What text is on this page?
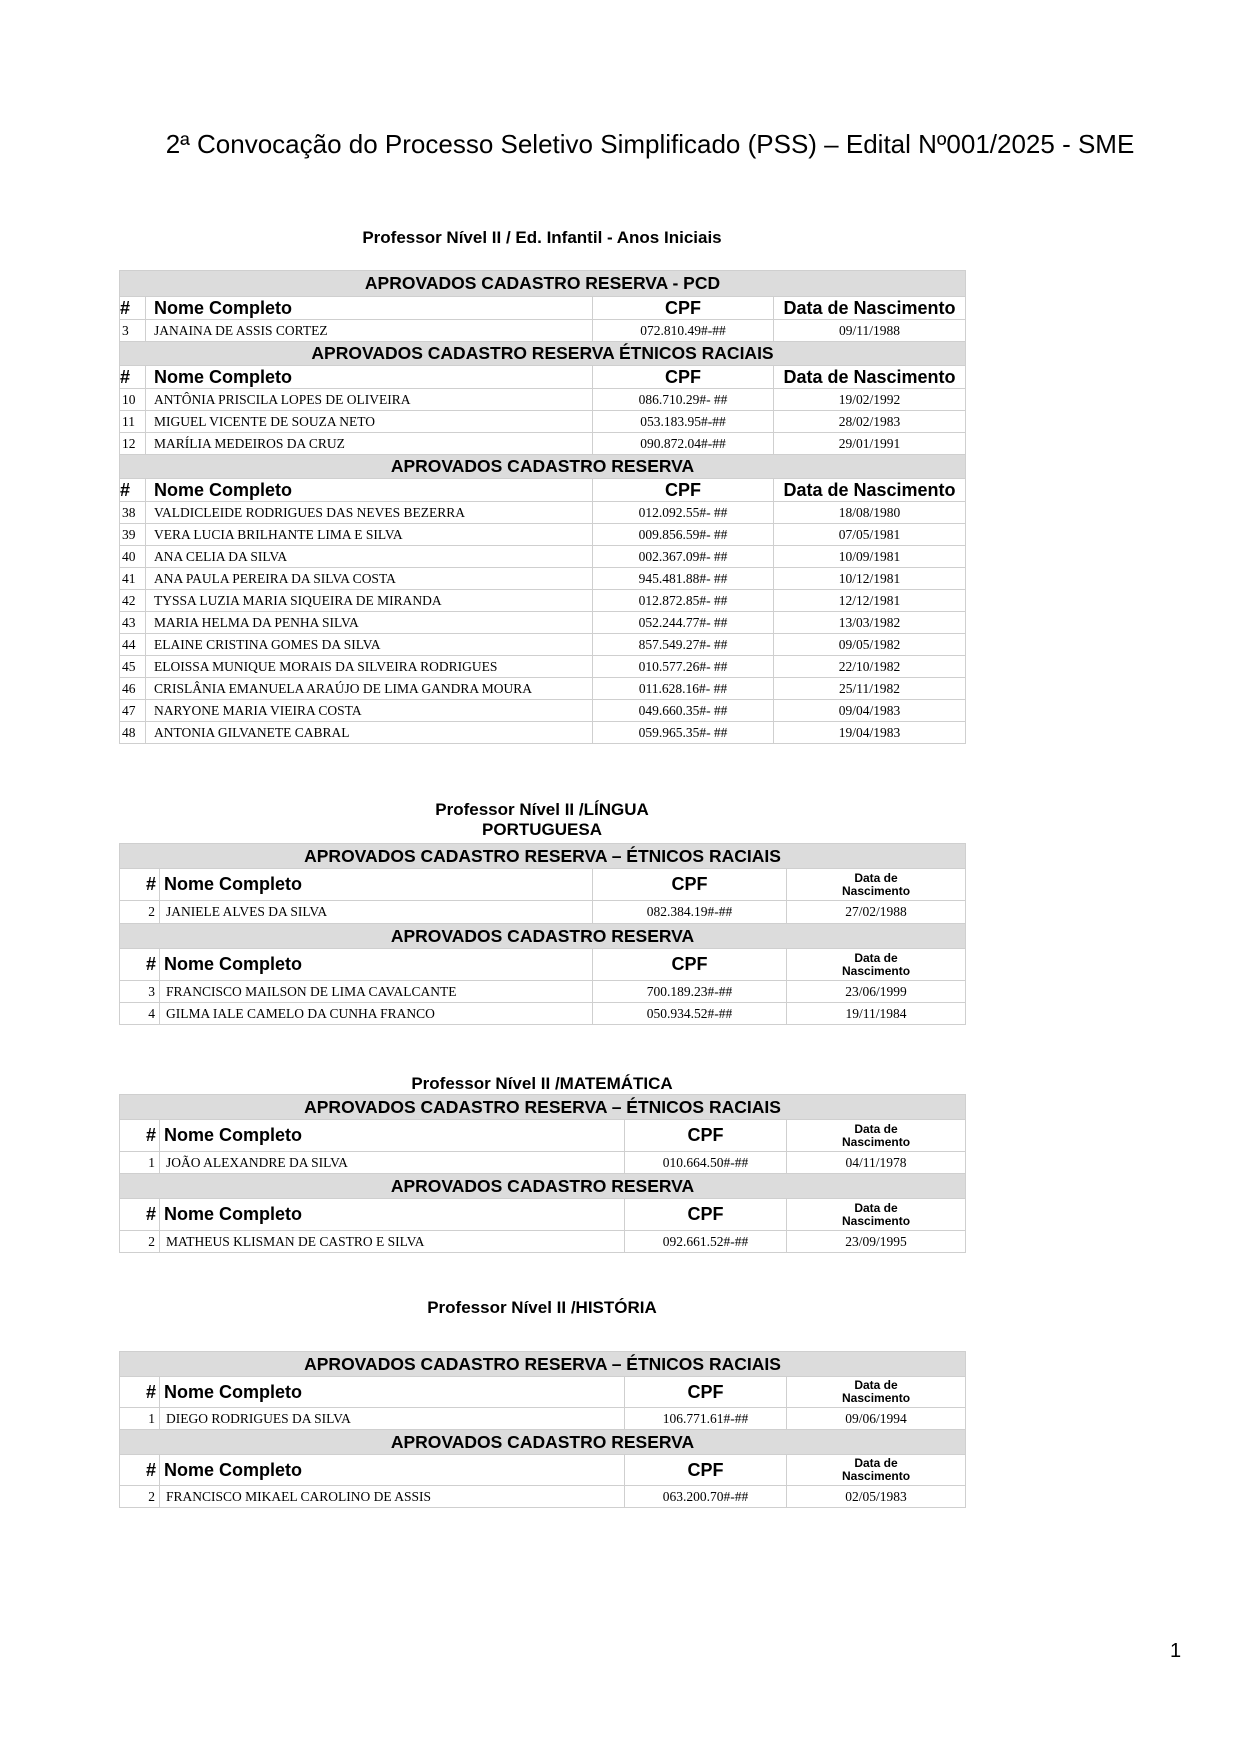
2ª Convocação do Processo Seletivo Simplificado (PSS) – Edital Nº001/2025 - SME
Professor Nível II / Ed. Infantil - Anos Iniciais
APROVADOS CADASTRO RESERVA - PCD			
#	Nome Completo	CPF	Data de Nascimento
3	JANAINA DE ASSIS CORTEZ	072.810.49#-##	09/11/1988
APROVADOS CADASTRO RESERVA ÉTNICOS RACIAIS			
#	Nome Completo	CPF	Data de Nascimento
10	ANTÔNIA PRISCILA LOPES DE OLIVEIRA	086.710.29#- ##	19/02/1992
11	MIGUEL VICENTE DE SOUZA NETO	053.183.95#-##	28/02/1983
12	MARÍLIA MEDEIROS DA CRUZ	090.872.04#-##	29/01/1991
APROVADOS CADASTRO RESERVA			
#	Nome Completo	CPF	Data de Nascimento
38	VALDICLEIDE RODRIGUES DAS NEVES BEZERRA	012.092.55#- ##	18/08/1980
39	VERA LUCIA BRILHANTE LIMA E SILVA	009.856.59#- ##	07/05/1981
40	ANA CELIA DA SILVA	002.367.09#- ##	10/09/1981
41	ANA PAULA PEREIRA DA SILVA COSTA	945.481.88#- ##	10/12/1981
42	TYSSA LUZIA MARIA SIQUEIRA DE MIRANDA	012.872.85#- ##	12/12/1981
43	MARIA HELMA DA PENHA SILVA	052.244.77#- ##	13/03/1982
44	ELAINE CRISTINA GOMES DA SILVA	857.549.27#- ##	09/05/1982
45	ELOISSA MUNIQUE MORAIS DA SILVEIRA RODRIGUES	010.577.26#- ##	22/10/1982
46	CRISLÂNIA EMANUELA ARAÚJO DE LIMA GANDRA MOURA	011.628.16#- ##	25/11/1982
47	NARYONE MARIA VIEIRA COSTA	049.660.35#- ##	09/04/1983
48	ANTONIA GILVANETE CABRAL	059.965.35#- ##	19/04/1983
Professor Nível II /LÍNGUA
PORTUGUESA
APROVADOS CADASTRO RESERVA – ÉTNICOS RACIAIS			
#	Nome Completo	CPF	Data de
Nascimento

2	JANIELE ALVES DA SILVA	082.384.19#-##	27/02/1988
APROVADOS CADASTRO RESERVA			
#	Nome Completo	CPF	Data de
Nascimento

3	FRANCISCO MAILSON DE LIMA CAVALCANTE	700.189.23#-##	23/06/1999
4	GILMA IALE CAMELO DA CUNHA FRANCO	050.934.52#-##	19/11/1984
Professor Nível II /MATEMÁTICA
APROVADOS CADASTRO RESERVA – ÉTNICOS RACIAIS			
#	Nome Completo	CPF	Data de
Nascimento

1	JOÃO ALEXANDRE DA SILVA	010.664.50#-##	04/11/1978
APROVADOS CADASTRO RESERVA			
#	Nome Completo	CPF	Data de
Nascimento

2	MATHEUS KLISMAN DE CASTRO E SILVA	092.661.52#-##	23/09/1995
Professor Nível II /HISTÓRIA
APROVADOS CADASTRO RESERVA – ÉTNICOS RACIAIS			
#	Nome Completo	CPF	Data de
Nascimento

1	DIEGO RODRIGUES DA SILVA	106.771.61#-##	09/06/1994
APROVADOS CADASTRO RESERVA			
#	Nome Completo	CPF	Data de
Nascimento

2	FRANCISCO MIKAEL CAROLINO DE ASSIS	063.200.70#-##	02/05/1983
1
